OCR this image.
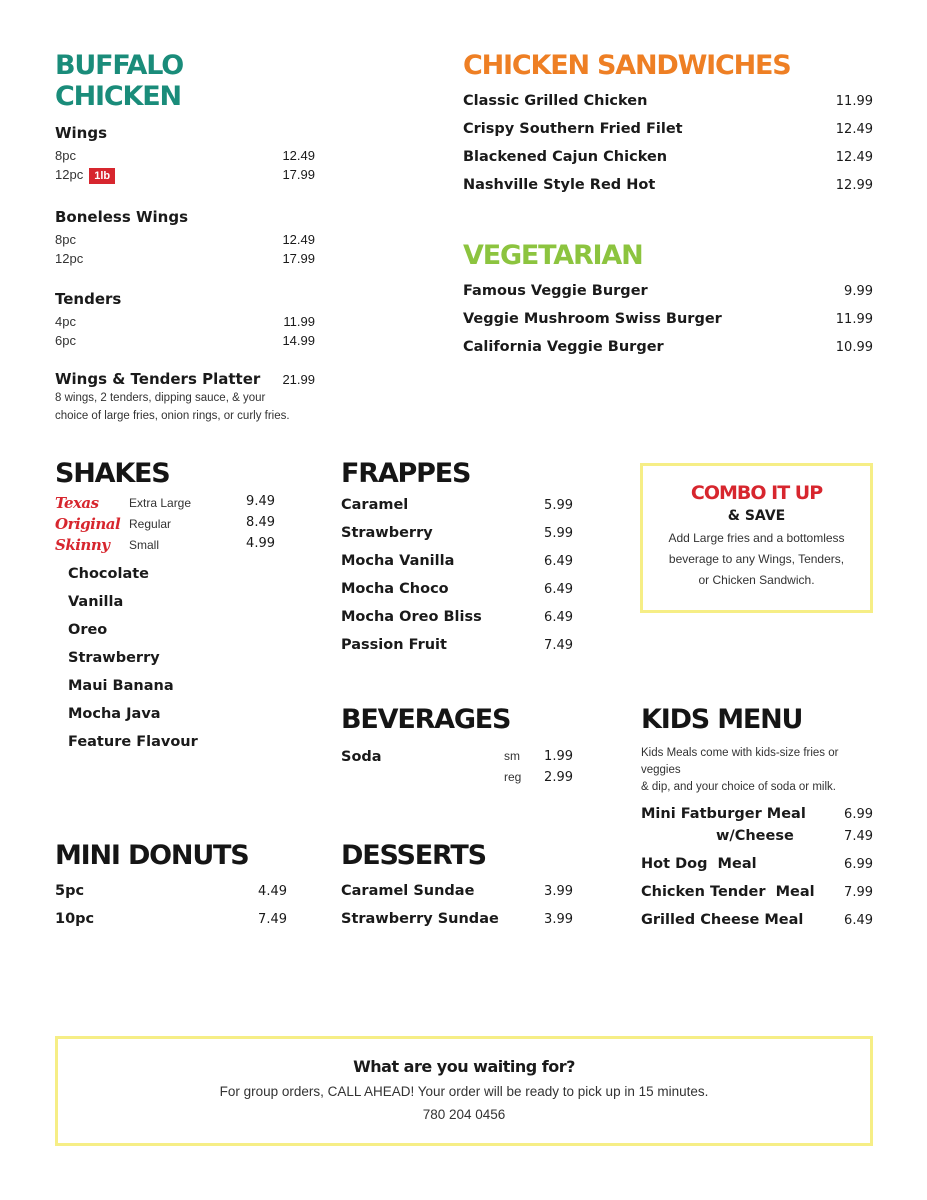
BUFFALO CHICKEN
Wings
8pc	12.49
12pc 1lb	17.99
Boneless Wings
8pc	12.49
12pc	17.99
Tenders
4pc	11.99
6pc	14.99
Wings & Tenders Platter 21.99
8 wings, 2 tenders, dipping sauce, & your
choice of large fries, onion rings, or curly fries.
CHICKEN SANDWICHES
Classic Grilled Chicken	11.99
Crispy Southern Fried Filet	12.49
Blackened Cajun Chicken	12.49
Nashville Style Red Hot	12.99
VEGETARIAN
Famous Veggie Burger	9.99
Veggie Mushroom Swiss Burger	11.99
California Veggie Burger	10.99
SHAKES
Texas	Extra Large	9.49
Original Regular	8.49
Skinny Small	4.99
Chocolate
Vanilla
Oreo
Strawberry
Maui Banana
Mocha Java
Feature Flavour
FRAPPES
Caramel	5.99
Strawberry	5.99
Mocha Vanilla	6.49
Mocha Choco	6.49
Mocha Oreo Bliss	6.49
Passion Fruit	7.49
COMBO IT UP
& SAVE
Add Large fries and a bottomless
beverage to any Wings, Tenders,
or Chicken Sandwich.
BEVERAGES
Soda	sm 1.99
reg 2.99
KIDS MENU
Kids Meals come with kids-size fries or veggies
& dip, and your choice of soda or milk.
Mini Fatburger Meal	6.99
w/Cheese	7.49
Hot Dog  Meal	6.99
Chicken Tender  Meal 7.99
Grilled Cheese Meal	6.49
MINI DONUTS
5pc	4.49
10pc	7.49
DESSERTS
Caramel Sundae	3.99
Strawberry Sundae	3.99
What are you waiting for?
For group orders, CALL AHEAD! Your order will be ready to pick up in 15 minutes.
780 204 0456
